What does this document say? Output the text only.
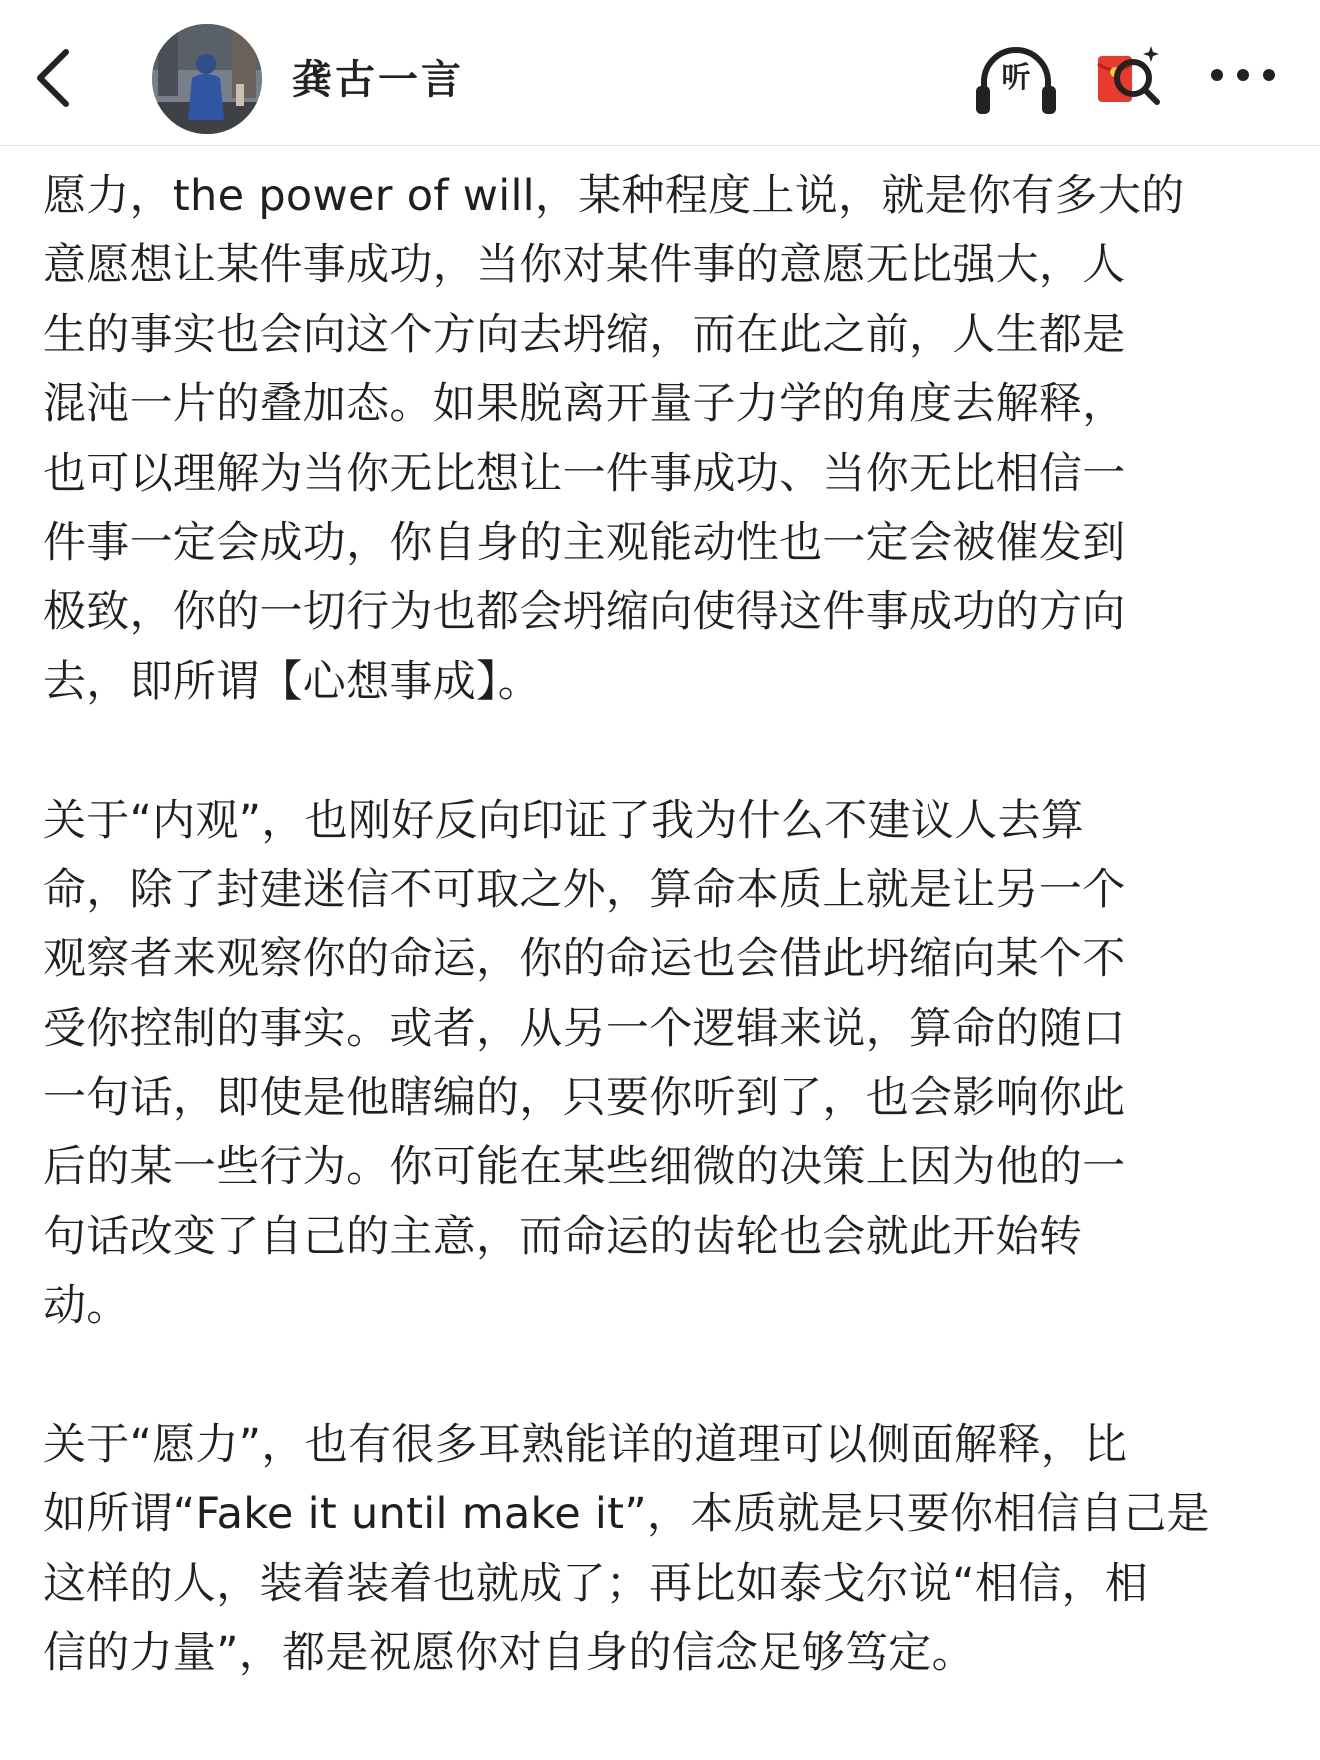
龚古一言	听

愿力，the power of will，某种程度上说，就是你有多大的
意愿想让某件事成功，当你对某件事的意愿无比强大，人
生的事实也会向这个方向去坍缩，而在此之前，人生都是
混沌一片的叠加态。如果脱离开量子力学的角度去解释，
也可以理解为当你无比想让一件事成功、当你无比相信一
件事一定会成功，你自身的主观能动性也一定会被催发到
极致，你的一切行为也都会坍缩向使得这件事成功的方向
去，即所谓【心想事成】。

关于“内观”，也刚好反向印证了我为什么不建议人去算
命，除了封建迷信不可取之外，算命本质上就是让另一个
观察者来观察你的命运，你的命运也会借此坍缩向某个不
受你控制的事实。或者，从另一个逻辑来说，算命的随口
一句话，即使是他瞎编的，只要你听到了，也会影响你此
后的某一些行为。你可能在某些细微的决策上因为他的一
句话改变了自己的主意，而命运的齿轮也会就此开始转
动。

关于“愿力”，也有很多耳熟能详的道理可以侧面解释，比
如所谓“Fake it until make it”，本质就是只要你相信自己是
这样的人，装着装着也就成了；再比如泰戈尔说“相信，相
信的力量”，都是祝愿你对自身的信念足够笃定。
